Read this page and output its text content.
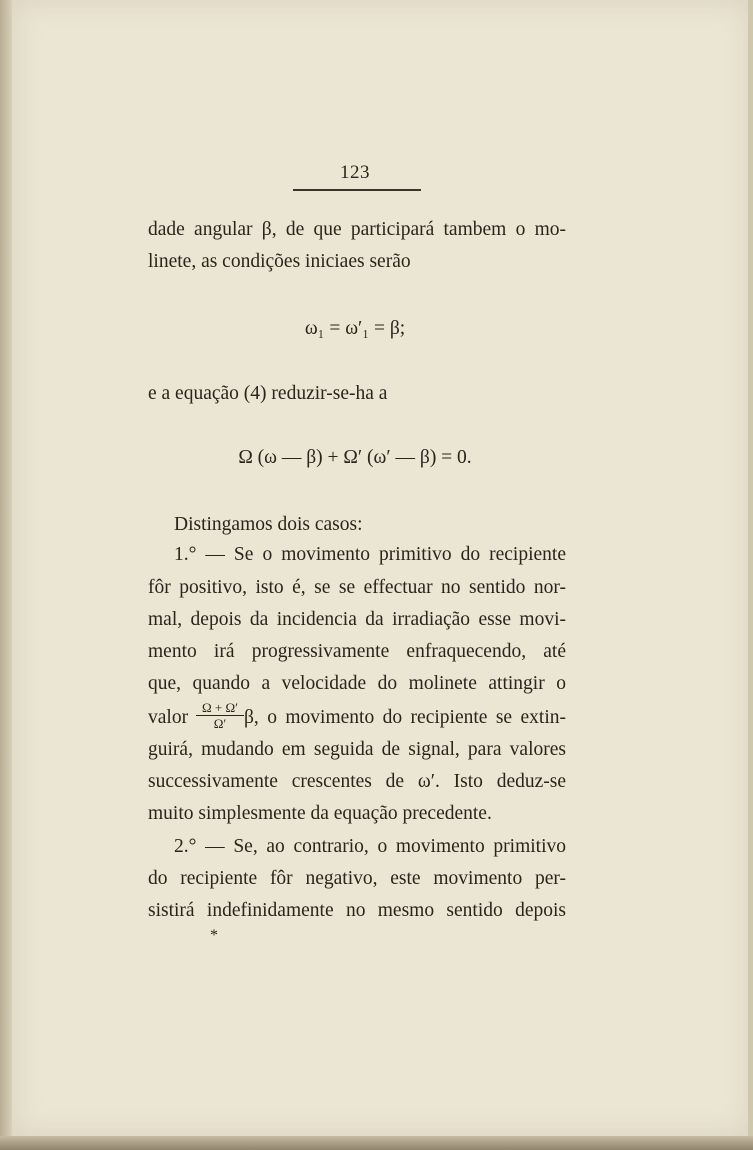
123
dade angular β, de que participará tambem o mo-
linete, as condições iniciaes serão
ω₁ = ω′₁ = β;
e a equação (4) reduzir-se-ha a
Ω (ω — β) + Ω′ (ω′ — β) = 0.
Distingamos dois casos:
1.° — Se o movimento primitivo do recipiente
fôr positivo, isto é, se se effectuar no sentido nor-
mal, depois da incidencia da irradiação esse movi-
mento irá progressivamente enfraquecendo, até
que, quando a velocidade do molinete attingir o
valor $\frac{\Omega + \Omega'}{\Omega'} \beta$, o movimento do recipiente se extin-
guirá, mudando em seguida de signal, para valores
successivamente crescentes de ω′. Isto deduz-se
muito simplesmente da equação precedente.
2.° — Se, ao contrario, o movimento primitivo
do recipiente fôr negativo, este movimento per-
sistirá indefinidamente no mesmo sentido depois
*
